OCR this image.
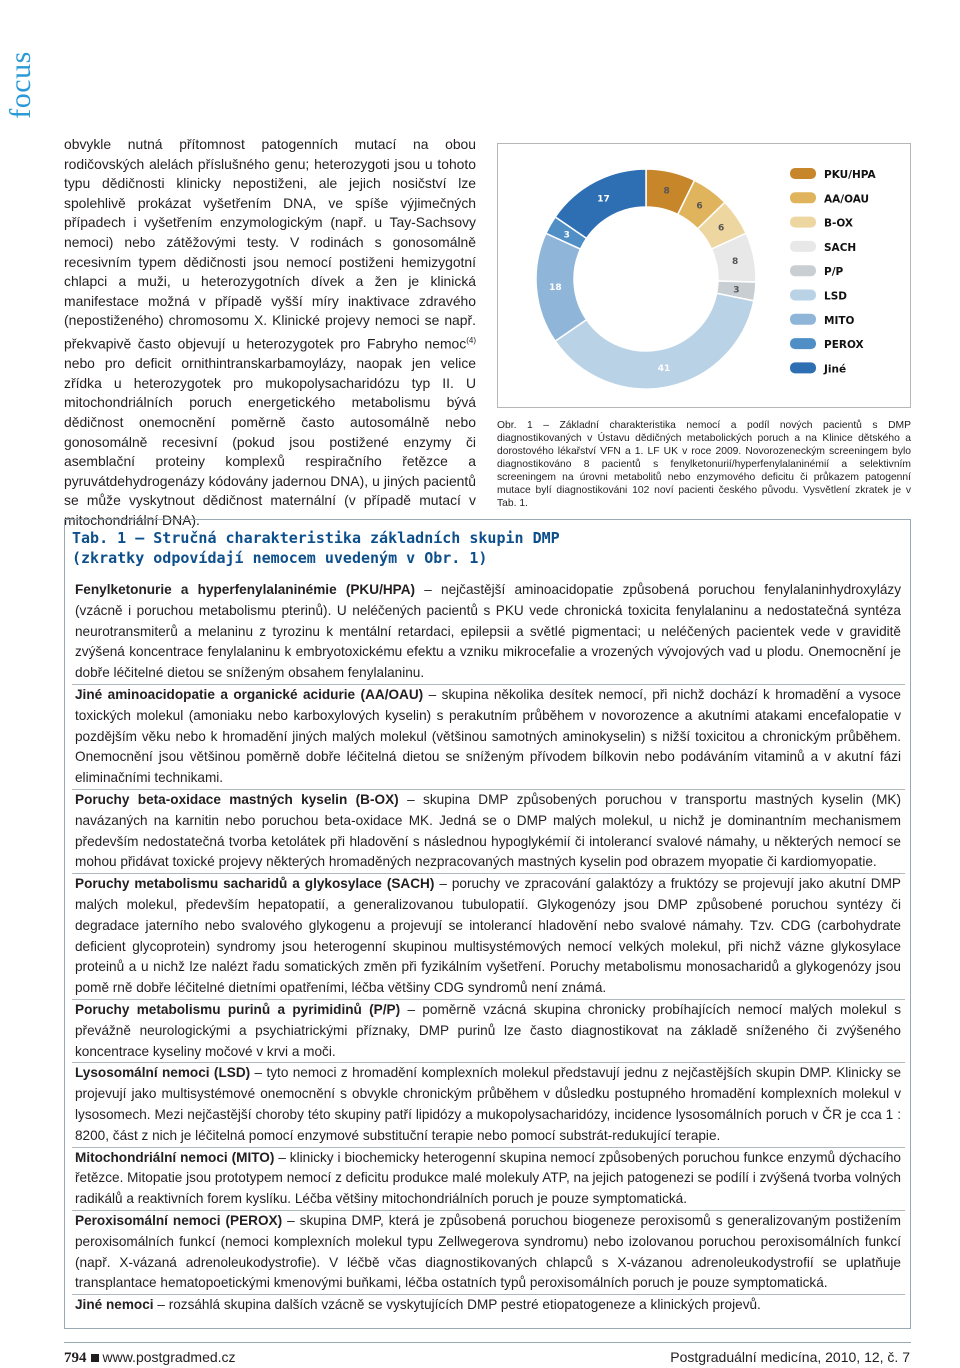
focus
obvykle nutná přítomnost patogenních mutací na obou rodičovských alelách příslušného genu; heterozygoti jsou u tohoto typu dědičnosti klinicky nepostiženi, ale jejich nosičství lze spolehlivě prokázat vyšetřením DNA, ve spíše výjimečných případech i vyšetřením enzymologickým (např. u Tay-Sachsovy nemoci) nebo zátěžovými testy. V rodinách s gonosomálně recesivním typem dědičnosti jsou nemocí postiženi hemizygotní chlapci a muži, u heterozygotních dívek a žen je klinická manifestace možná v případě vyšší míry inaktivace zdravého (nepostiženého) chromosomu X. Klinické projevy nemoci se např. překvapivě často objevují u heterozygotek pro Fabryho nemoc$^{(4)}$ nebo pro deficit ornithintranskarbamoylázy, naopak jen velice zřídka u heterozygotek pro mukopolysacharidózu typ II. U mitochondriálních poruch energetického metabolismu bývá dědičnost onemocnění poměrně často autosomálně nebo gonosomálně recesivní (pokud jsou postižené enzymy či asemblační proteiny komplexů respiračního řetězce a pyruvátdehydrogenázy kódovány jadernou DNA), u jiných pacientů se může vyskytnout dědičnost maternální (v případě mutací v mitochondriální DNA).
8
6
6
8
3
41
18
3
17
PKU/HPA
AA/OAU
B-OX
SACH
P/P
LSD
MITO
PEROX
Jiné
Obr. 1 – Základní charakteristika nemocí a podíl nových pacientů s DMP diagnostikovaných v Ústavu dědičných metabolických poruch a na Klinice dětského a dorostového lékařství VFN a 1. LF UK v roce 2009. Novorozeneckým screeningem bylo diagnostikováno 8 pacientů s fenylketonurií/hyperfenylalaninémií a selektivním screeningem na úrovni metabolitů nebo enzymového deficitu či průkazem patogenní mutace bylí diagnostikováni 102 noví pacienti českého původu. Vysvětlení zkratek je v Tab. 1.
Tab. 1 – Stručná charakteristika základních skupin DMP
(zkratky odpovídají nemocem uvedeným v Obr. 1)
Fenylketonurie a hyperfenylalaninémie (PKU/HPA) – nejčastější aminoacidopatie způsobená poruchou fenylalaninhydroxylázy (vzácně i poruchou metabolismu pterinů). U neléčených pacientů s PKU vede chronická toxicita fenylalaninu a nedostatečná syntéza neurotransmiterů a melaninu z tyrozinu k mentální retardaci, epilepsii a světlé pigmentaci; u neléčených pacientek vede v graviditě zvýšená koncentrace fenylalaninu k embryotoxickému efektu a vzniku mikrocefalie a vrozených vývojových vad u plodu. Onemocnění je dobře léčitelné dietou se sníženým obsahem fenylalaninu.
Jiné aminoacidopatie a organické acidurie (AA/OAU) – skupina několika desítek nemocí, při nichž dochází k hromadění a vysoce toxických molekul (amoniaku nebo karboxylových kyselin) s perakutním průběhem v novorozence a akutními atakami encefalopatie v pozdějším věku nebo k hromadění jiných malých molekul (většinou samotných aminokyselin) s nižší toxicitou a chronickým průběhem. Onemocnění jsou většinou poměrně dobře léčitelná dietou se sníženým přívodem bílkovin nebo podáváním vitaminů a v akutní fázi eliminačními technikami.
Poruchy beta-oxidace mastných kyselin (B-OX) – skupina DMP způsobených poruchou v transportu mastných kyselin (MK) navázaných na karnitin nebo poruchou beta-oxidace MK. Jedná se o DMP malých molekul, u nichž je dominantním mechanismem především nedostatečná tvorba ketolátek při hladovění s následnou hypoglykémií či intolerancí svalové námahy, u některých nemocí se mohou přidávat toxické projevy některých hromaděných nezpracovaných mastných kyselin pod obrazem myopatie či kardiomyopatie.
Poruchy metabolismu sacharidů a glykosylace (SACH) – poruchy ve zpracování galaktózy a fruktózy se projevují jako akutní DMP malých molekul, především hepatopatií, a generalizovanou tubulopatií. Glykogenózy jsou DMP způsobené poruchou syntézy či degradace jaterního nebo svalového glykogenu a projevují se intolerancí hladovění nebo svalové námahy. Tzv. CDG (carbohydrate deficient glycoprotein) syndromy jsou heterogenní skupinou multisystémových nemocí velkých molekul, při nichž vázne glykosylace proteinů a u nichž lze nalézt řadu somatických změn při fyzikálním vyšetření. Poruchy metabolismu monosacharidů a glykogenózy jsou pomě rně dobře léčitelné dietními opatřeními, léčba většiny CDG syndromů není známá.
Poruchy metabolismu purinů a pyrimidinů (P/P) – poměrně vzácná skupina chronicky probíhajících nemocí malých molekul s převážně neurologickými a psychiatrickými příznaky, DMP purinů lze často diagnostikovat na základě sníženého či zvýšeného koncentrace kyseliny močové v krvi a moči.
Lysosomální nemoci (LSD) – tyto nemoci z hromadění komplexních molekul představují jednu z nejčastějších skupin DMP. Klinicky se projevují jako multisystémové onemocnění s obvykle chronickým průběhem v důsledku postupného hromadění komplexních molekul v lysosomech. Mezi nejčastější choroby této skupiny patří lipidózy a mukopolysacharidózy, incidence lysosomálních poruch v ČR je cca 1 : 8200, část z nich je léčitelná pomocí enzymové substituční terapie nebo pomocí substrát-redukující terapie.
Mitochondriální nemoci (MITO) – klinicky i biochemicky heterogenní skupina nemocí způsobených poruchou funkce enzymů dýchacího řetězce. Mitopatie jsou prototypem nemocí z deficitu produkce malé molekuly ATP, na jejich patogenezi se podílí i zvýšená tvorba volných radikálů a reaktivních forem kyslíku. Léčba většiny mitochondriálních poruch je pouze symptomatická.
Peroxisomální nemoci (PEROX) – skupina DMP, která je způsobená poruchou biogeneze peroxisomů s generalizovaným postižením peroxisomálních funkcí (nemoci komplexních molekul typu Zellwegerova syndromu) nebo izolovanou poruchou peroxisomálních funkcí (např. X-vázaná adrenoleukodystrofie). V léčbě včas diagnostikovaných chlapců s X-vázanou adrenoleukodystrofií se uplatňuje transplantace hematopoetickými kmenovými buňkami, léčba ostatních typů peroxisomálních poruch je pouze symptomatická.
Jiné nemoci – rozsáhlá skupina dalších vzácně se vyskytujících DMP pestré etiopatogeneze a klinických projevů.
794 www.postgradmed.cz	Postgraduální medicína, 2010, 12, č. 7
